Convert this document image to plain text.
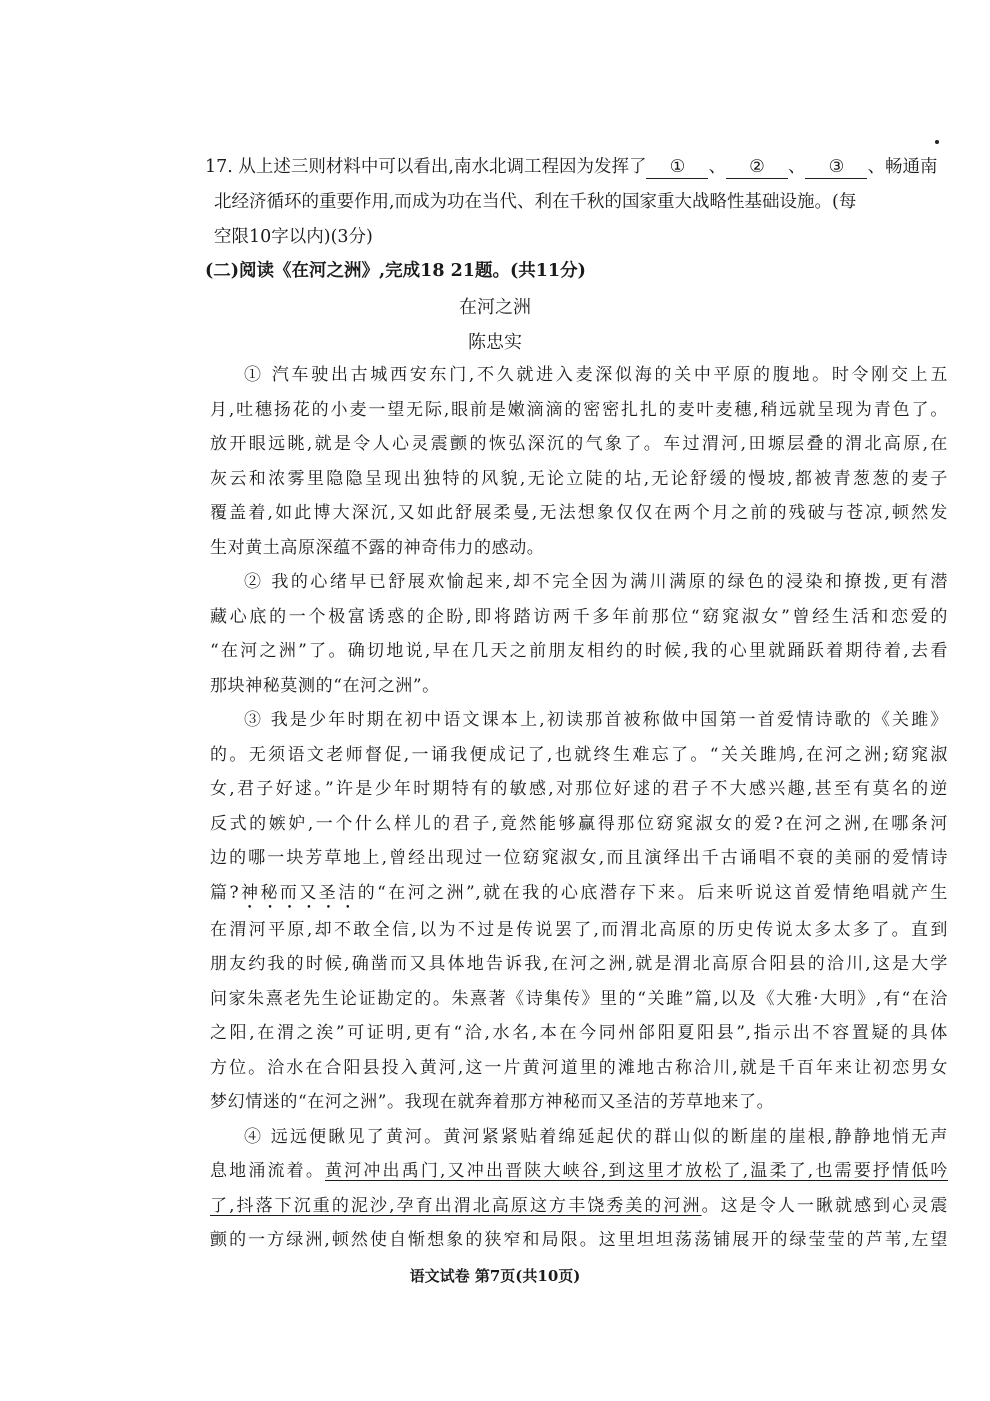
17. 从上述三则材料中可以看出,南水北调工程因为发挥了 ① 、 ② 、 ③ 、畅通南
北经济循环的重要作用,而成为功在当代、利在千秋的国家重大战略性基础设施。(每
空限10字以内)(3分)
(二)阅读《在河之洲》,完成18 21题。(共11分)
在河之洲
陈忠实
① 汽车驶出古城西安东门,不久就进入麦深似海的关中平原的腹地。时令刚交上五
月,吐穗扬花的小麦一望无际,眼前是嫩滴滴的密密扎扎的麦叶麦穗,稍远就呈现为青色了。
放开眼远眺,就是令人心灵震颤的恢弘深沉的气象了。车过渭河,田塬层叠的渭北高原,在
灰云和浓雾里隐隐呈现出独特的风貌,无论立陡的坫,无论舒缓的慢坡,都被青葱葱的麦子
覆盖着,如此博大深沉,又如此舒展柔曼,无法想象仅仅在两个月之前的残破与苍凉,顿然发
生对黄土高原深蕴不露的神奇伟力的感动。
② 我的心绪早已舒展欢愉起来,却不完全因为满川满原的绿色的浸染和撩拨,更有潜
藏心底的一个极富诱惑的企盼,即将踏访两千多年前那位“窈窕淑女”曾经生活和恋爱的
“在河之洲”了。确切地说,早在几天之前朋友相约的时候,我的心里就踊跃着期待着,去看
那块神秘莫测的“在河之洲”。
③ 我是少年时期在初中语文课本上,初读那首被称做中国第一首爱情诗歌的《关雎》
的。无须语文老师督促,一诵我便成记了,也就终生难忘了。“关关雎鸠,在河之洲;窈窕淑
女,君子好逑。”许是少年时期特有的敏感,对那位好逑的君子不大感兴趣,甚至有莫名的逆
反式的嫉妒,一个什么样儿的君子,竟然能够赢得那位窈窕淑女的爱?在河之洲,在哪条河
边的哪一块芳草地上,曾经出现过一位窈窕淑女,而且演绎出千古诵唱不衰的美丽的爱情诗
篇?神秘而又圣洁的“在河之洲”,就在我的心底潜存下来。后来听说这首爱情绝唱就产生
在渭河平原,却不敢全信,以为不过是传说罢了,而渭北高原的历史传说太多太多了。直到
朋友约我的时候,确凿而又具体地告诉我,在河之洲,就是渭北高原合阳县的洽川,这是大学
问家朱熹老先生论证勘定的。朱熹著《诗集传》里的“关雎”篇,以及《大雅·大明》,有“在洽
之阳,在渭之涘”可证明,更有“洽,水名,本在今同州郃阳夏阳县”,指示出不容置疑的具体
方位。洽水在合阳县投入黄河,这一片黄河道里的滩地古称洽川,就是千百年来让初恋男女
梦幻情迷的“在河之洲”。我现在就奔着那方神秘而又圣洁的芳草地来了。
④ 远远便瞅见了黄河。黄河紧紧贴着绵延起伏的群山似的断崖的崖根,静静地悄无声
息地涌流着。黄河冲出禹门,又冲出晋陕大峡谷,到这里才放松了,温柔了,也需要抒情低吟
了,抖落下沉重的泥沙,孕育出渭北高原这方丰饶秀美的河洲。这是令人一瞅就感到心灵震
颤的一方绿洲,顿然使自惭想象的狭窄和局限。这里坦坦荡荡铺展开的绿莹莹的芦苇,左望
语文试卷 第7页(共10页)
